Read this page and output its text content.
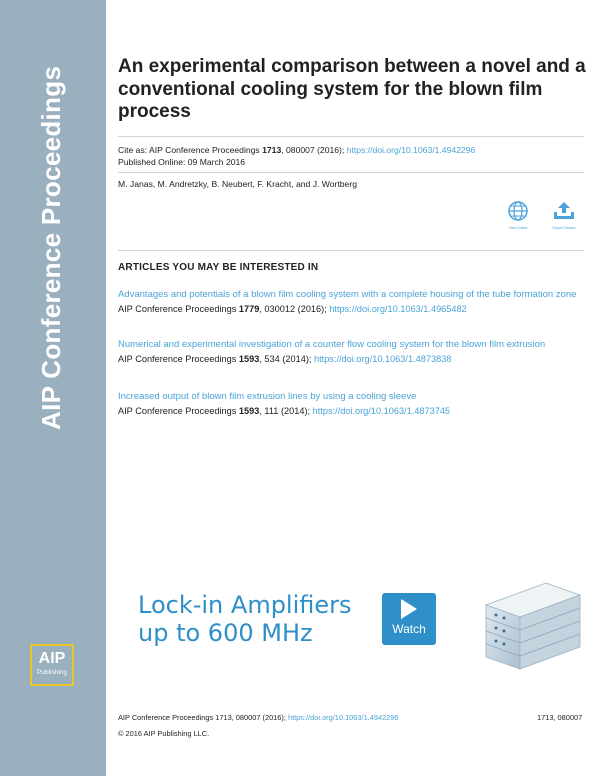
AIP Conference Proceedings
AIP
Publishing
An experimental comparison between a novel and a conventional cooling system for the blown film process
Cite as: AIP Conference Proceedings 1713, 080007 (2016); https://doi.org/10.1063/1.4942296
Published Online: 09 March 2016
M. Janas, M. Andretzky, B. Neubert, F. Kracht, and J. Wortberg
View Online	Export Citation
ARTICLES YOU MAY BE INTERESTED IN
Advantages and potentials of a blown film cooling system with a complete housing of the tube formation zone
AIP Conference Proceedings 1779, 030012 (2016); https://doi.org/10.1063/1.4965482
Numerical and experimental investigation of a counter flow cooling system for the blown film extrusion
AIP Conference Proceedings 1593, 534 (2014); https://doi.org/10.1063/1.4873838
Increased output of blown film extrusion lines by using a cooling sleeve
AIP Conference Proceedings 1593, 111 (2014); https://doi.org/10.1063/1.4873745
Lock-in Amplifiers
up to 600 MHz	Watch
AIP Conference Proceedings 1713, 080007 (2016); https://doi.org/10.1063/1.4942296	1713, 080007
© 2016 AIP Publishing LLC.
